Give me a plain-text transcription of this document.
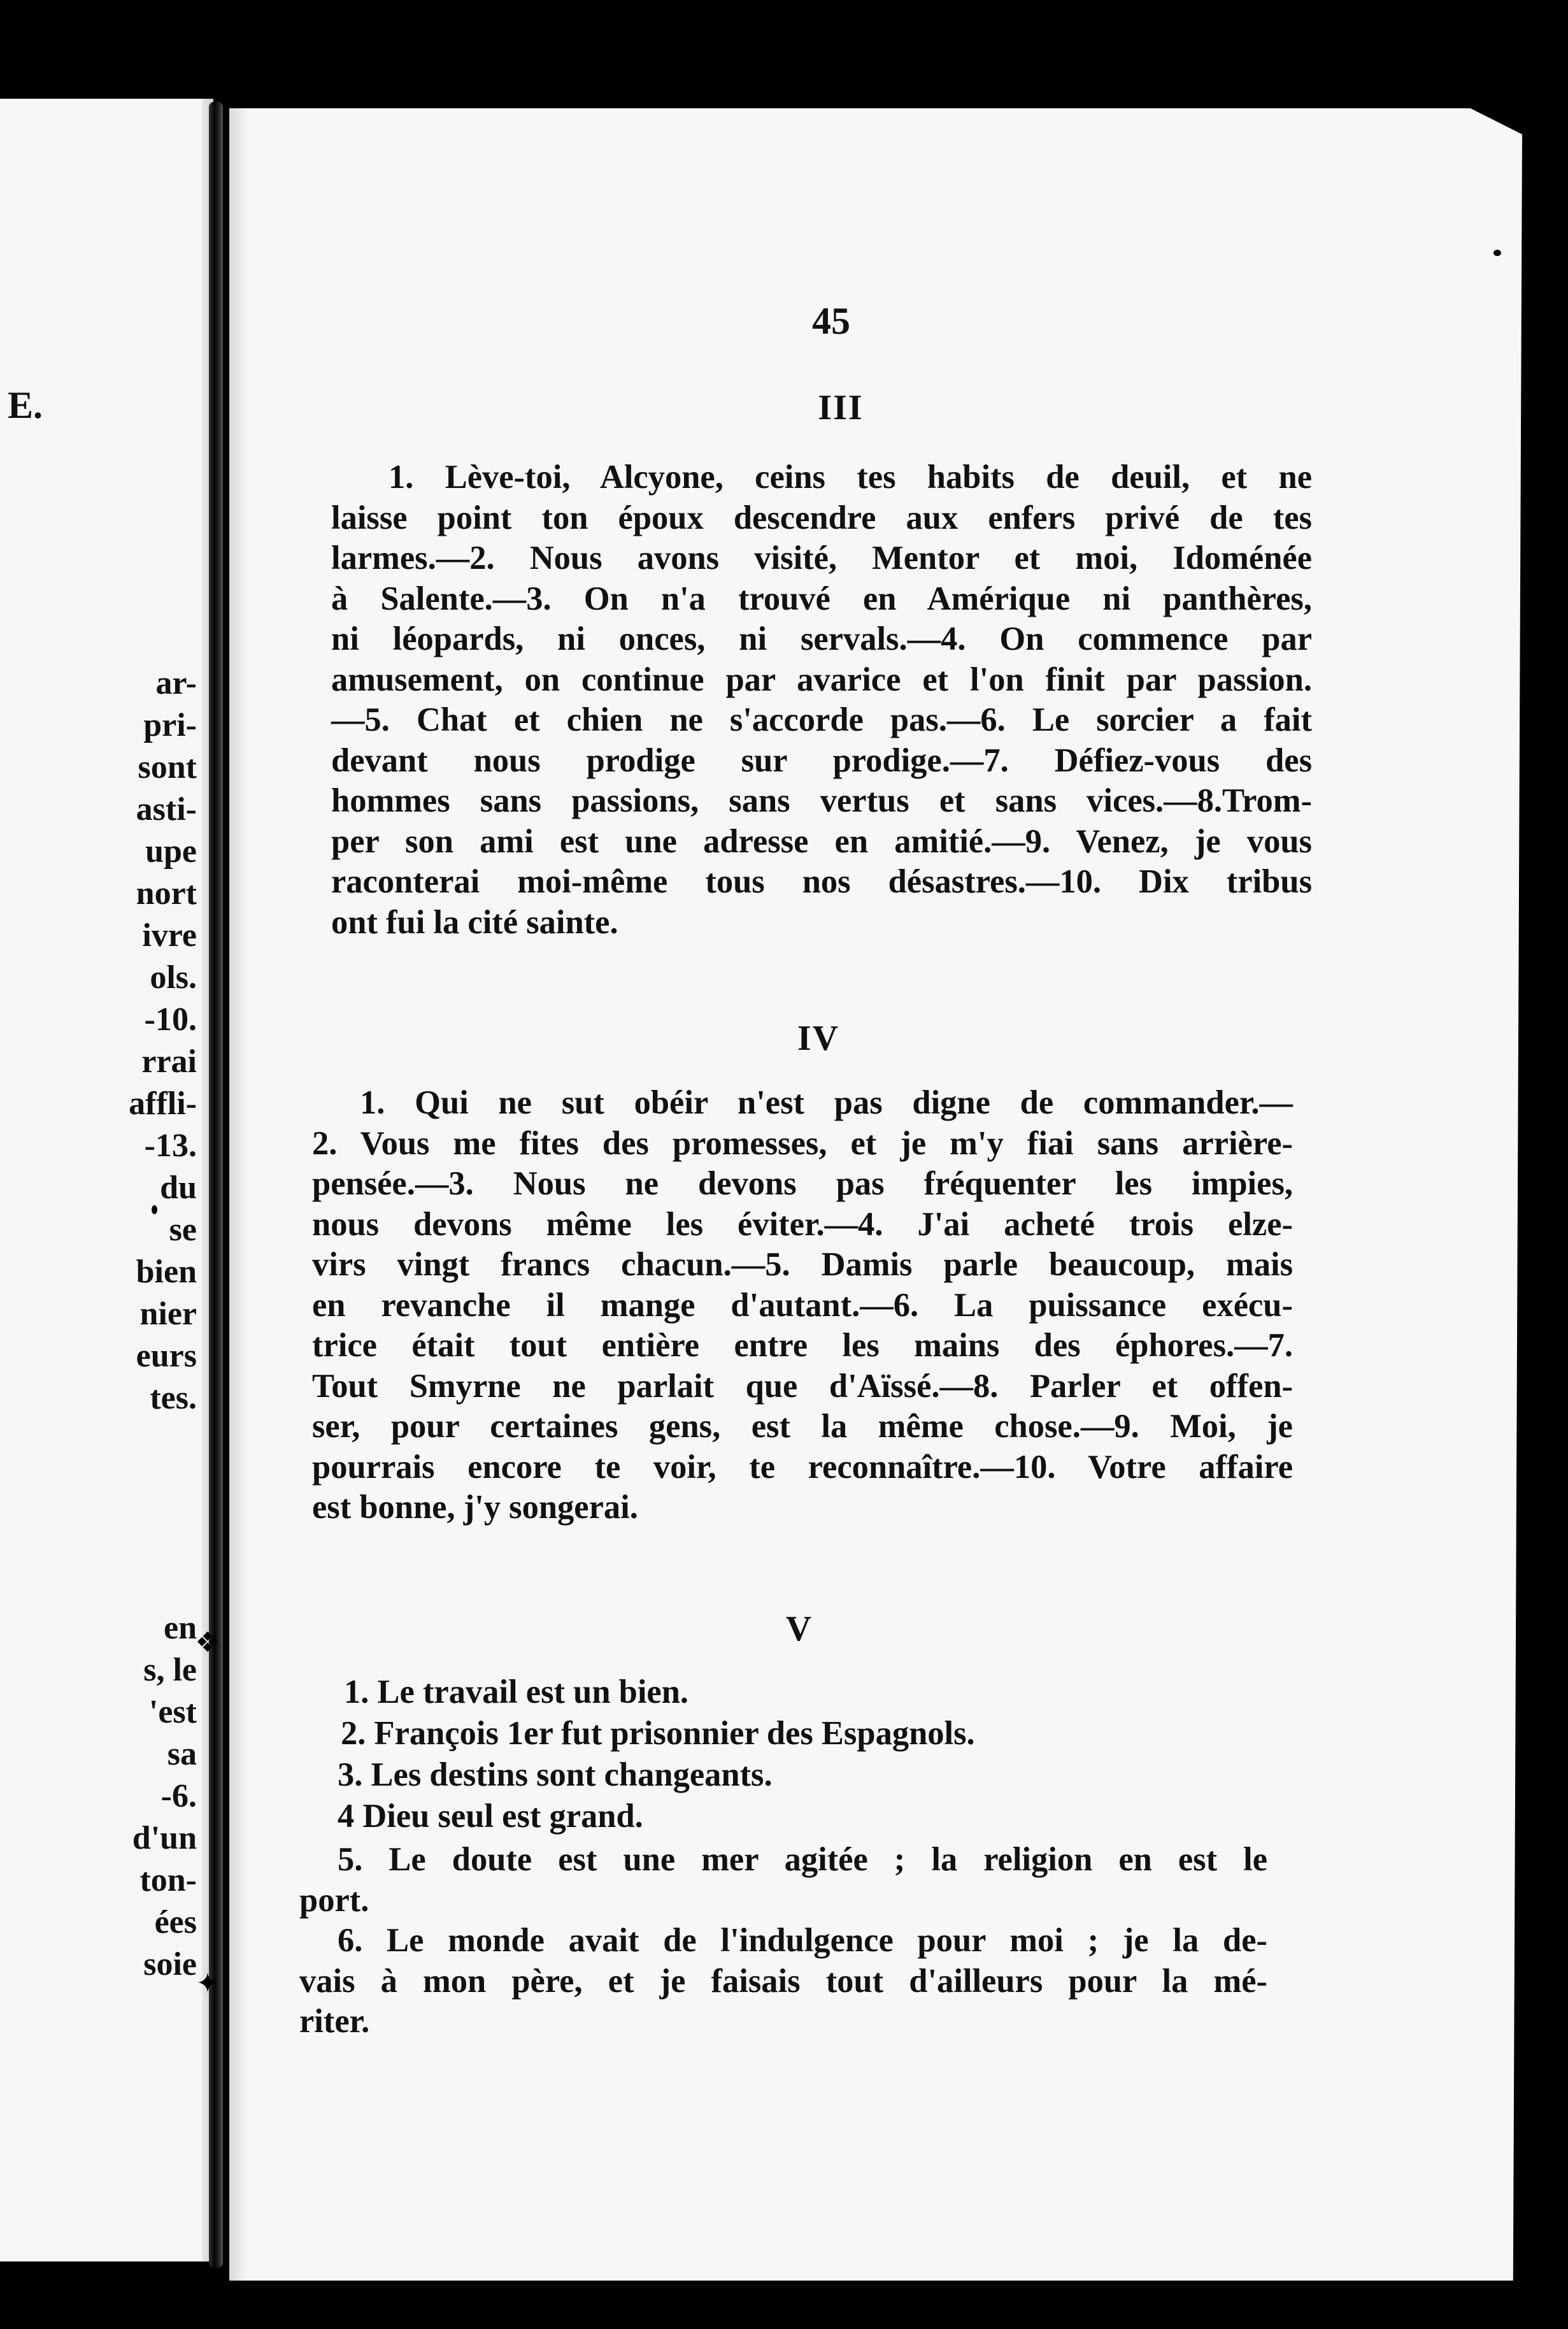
E.
ar-
pri-
sont
asti-
upe
nort
ivre
ols.
-10.
rrai
affli-
-13.
du
se
bien
nier
eurs
tes.
en
s, le
'est
sa
-6.
d'un
ton-
ées
soie
❖
✦
45
III
1. Lève-toi, Alcyone, ceins tes habits de deuil, et ne
laisse point ton époux descendre aux enfers privé de tes
larmes.—2. Nous avons visité, Mentor et moi, Idoménée
à Salente.—3. On n'a trouvé en Amérique ni panthères,
ni léopards, ni onces, ni servals.—4. On commence par
amusement, on continue par avarice et l'on finit par passion.
—5. Chat et chien ne s'accorde pas.—6. Le sorcier a fait
devant nous prodige sur prodige.—7. Défiez-vous des
hommes sans passions, sans vertus et sans vices.—8.Trom-
per son ami est une adresse en amitié.—9. Venez, je vous
raconterai moi-même tous nos désastres.—10. Dix tribus
ont fui la cité sainte.
IV
1. Qui ne sut obéir n'est pas digne de commander.—
2. Vous me fites des promesses, et je m'y fiai sans arrière-
pensée.—3. Nous ne devons pas fréquenter les impies,
nous devons même les éviter.—4. J'ai acheté trois elze-
virs vingt francs chacun.—5. Damis parle beaucoup, mais
en revanche il mange d'autant.—6. La puissance exécu-
trice était tout entière entre les mains des éphores.—7.
Tout Smyrne ne parlait que d'Aïssé.—8. Parler et offen-
ser, pour certaines gens, est la même chose.—9. Moi, je
pourrais encore te voir, te reconnaître.—10. Votre affaire
est bonne, j'y songerai.
V
1. Le travail est un bien.
2. François 1er fut prisonnier des Espagnols.
3. Les destins sont changeants.
4 Dieu seul est grand.
5. Le doute est une mer agitée ; la religion en est le
port.
6. Le monde avait de l'indulgence pour moi ; je la de-
vais à mon père, et je faisais tout d'ailleurs pour la mé-
riter.
